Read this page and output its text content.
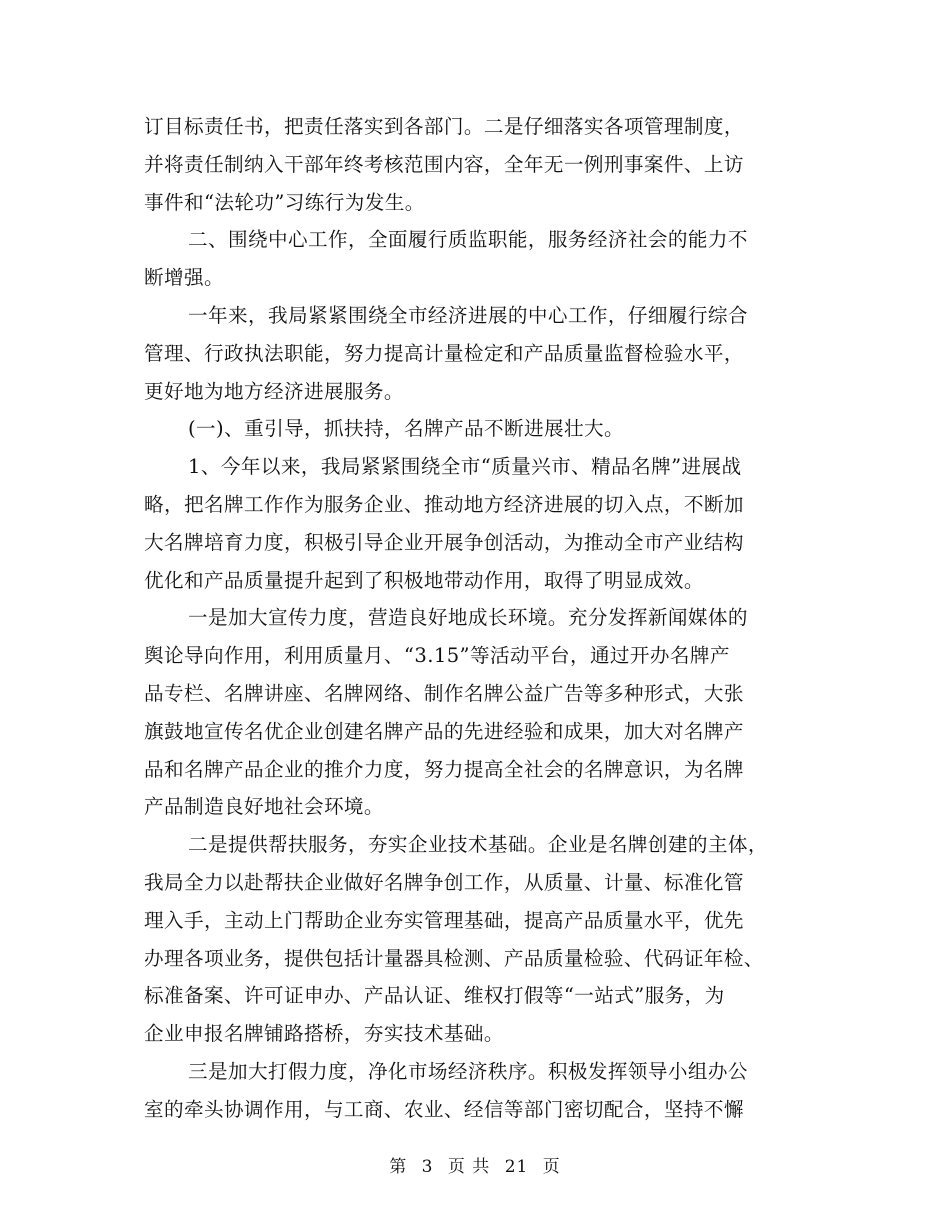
订目标责任书，把责任落实到各部门。二是仔细落实各项管理制度，
并将责任制纳入干部年终考核范围内容，全年无一例刑事案件、上访
事件和“法轮功”习练行为发生。

二、围绕中心工作，全面履行质监职能，服务经济社会的能力不
断增强。

一年来，我局紧紧围绕全市经济进展的中心工作，仔细履行综合
管理、行政执法职能，努力提高计量检定和产品质量监督检验水平，
更好地为地方经济进展服务。

(一)、重引导，抓扶持，名牌产品不断进展壮大。

1、今年以来，我局紧紧围绕全市“质量兴市、精品名牌”进展战
略，把名牌工作作为服务企业、推动地方经济进展的切入点，不断加
大名牌培育力度，积极引导企业开展争创活动，为推动全市产业结构
优化和产品质量提升起到了积极地带动作用，取得了明显成效。

一是加大宣传力度，营造良好地成长环境。充分发挥新闻媒体的
舆论导向作用，利用质量月、“3.15”等活动平台，通过开办名牌产
品专栏、名牌讲座、名牌网络、制作名牌公益广告等多种形式，大张
旗鼓地宣传名优企业创建名牌产品的先进经验和成果，加大对名牌产
品和名牌产品企业的推介力度，努力提高全社会的名牌意识，为名牌
产品制造良好地社会环境。

二是提供帮扶服务，夯实企业技术基础。企业是名牌创建的主体，
我局全力以赴帮扶企业做好名牌争创工作，从质量、计量、标准化管
理入手，主动上门帮助企业夯实管理基础，提高产品质量水平，优先
办理各项业务，提供包括计量器具检测、产品质量检验、代码证年检、
标准备案、许可证申办、产品认证、维权打假等“一站式”服务，为
企业申报名牌铺路搭桥，夯实技术基础。

三是加大打假力度，净化市场经济秩序。积极发挥领导小组办公
室的牵头协调作用，与工商、农业、经信等部门密切配合，坚持不懈

第 3 页 共 21 页
